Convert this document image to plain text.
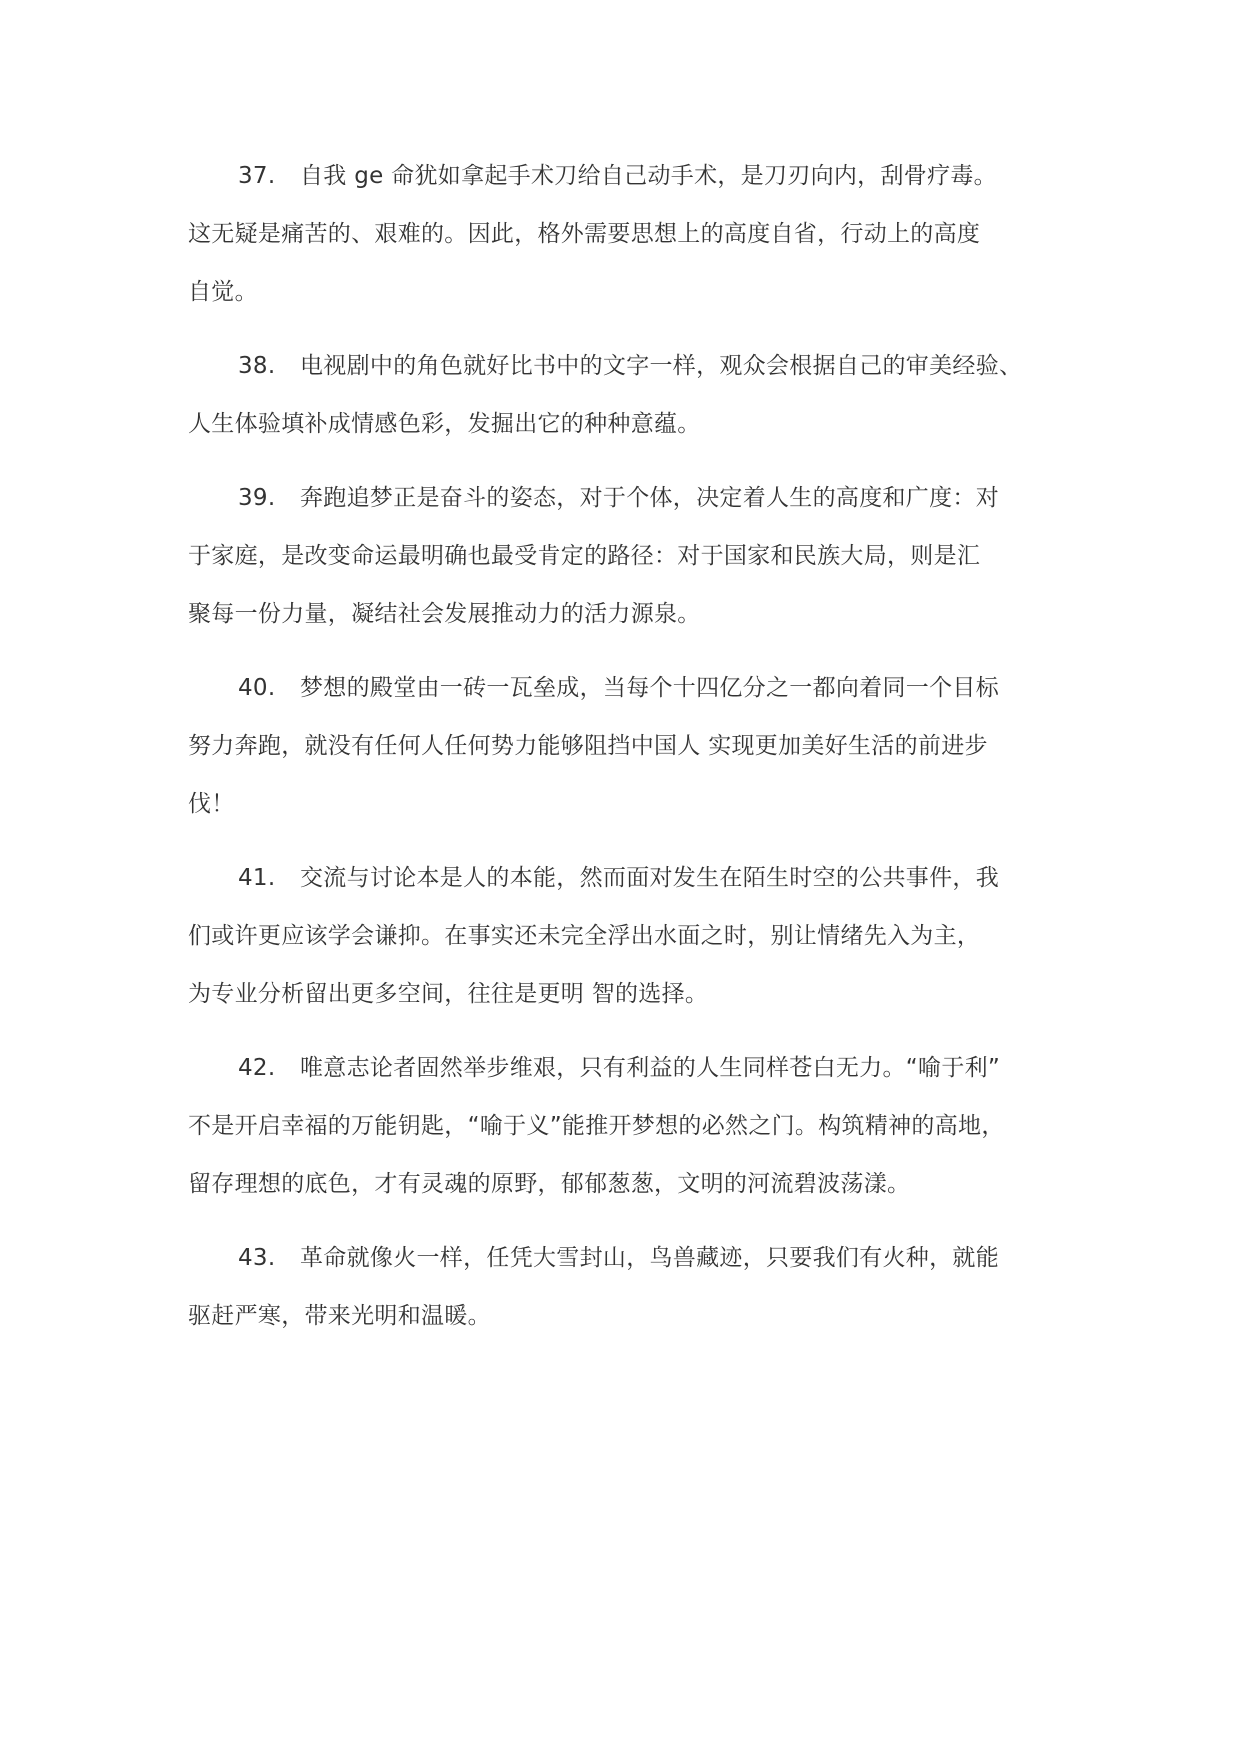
37. 自我 ge 命犹如拿起手术刀给自己动手术，是刀刃向内，刮骨疗毒。
这无疑是痛苦的、艰难的。因此，格外需要思想上的高度自省，行动上的高度
自觉。
38. 电视剧中的角色就好比书中的文字一样，观众会根据自己的审美经验、
人生体验填补成情感色彩，发掘出它的种种意蕴。
39. 奔跑追梦正是奋斗的姿态，对于个体，决定着人生的高度和广度：对
于家庭，是改变命运最明确也最受肯定的路径：对于国家和民族大局，则是汇
聚每一份力量，凝结社会发展推动力的活力源泉。
40. 梦想的殿堂由一砖一瓦垒成，当每个十四亿分之一都向着同一个目标
努力奔跑，就没有任何人任何势力能够阻挡中国人 实现更加美好生活的前进步
伐！
41. 交流与讨论本是人的本能，然而面对发生在陌生时空的公共事件，我
们或许更应该学会谦抑。在事实还未完全浮出水面之时，别让情绪先入为主，
为专业分析留出更多空间，往往是更明 智的选择。
42. 唯意志论者固然举步维艰，只有利益的人生同样苍白无力。“喻于利”
不是开启幸福的万能钥匙，“喻于义”能推开梦想的必然之门。构筑精神的高地，
留存理想的底色，才有灵魂的原野，郁郁葱葱，文明的河流碧波荡漾。
43. 革命就像火一样，任凭大雪封山，鸟兽藏迹，只要我们有火种，就能
驱赶严寒，带来光明和温暖。
